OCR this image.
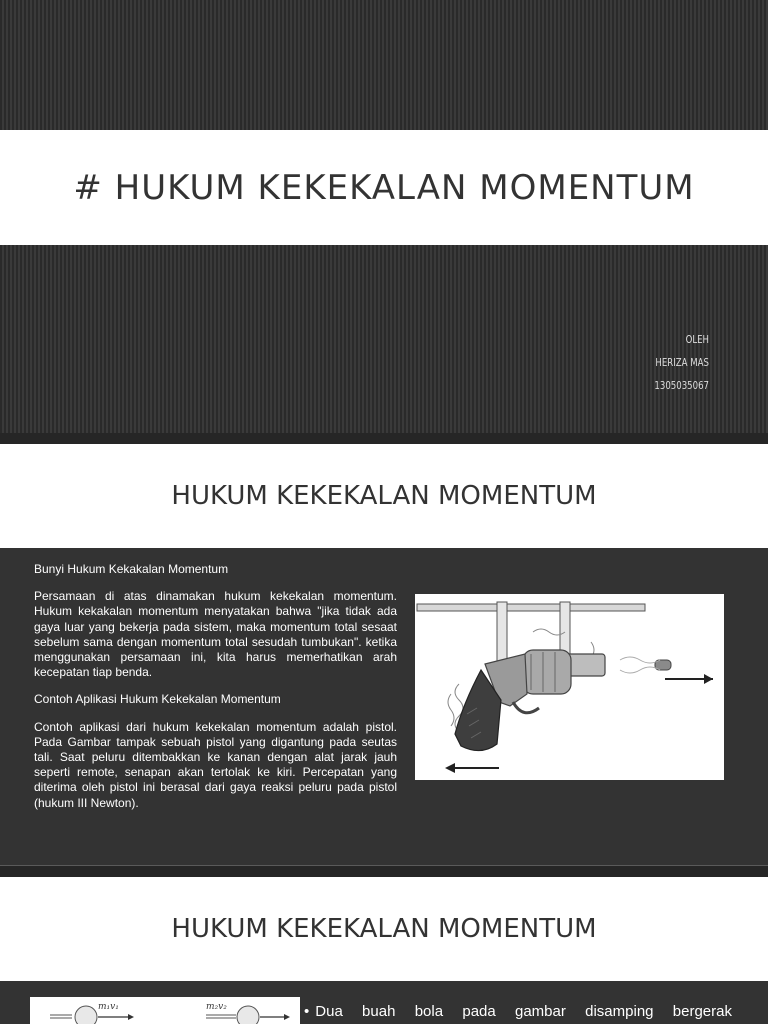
# HUKUM KEKEKALAN MOMENTUM
OLEH
HERIZA MAS
1305035067
HUKUM KEKEKALAN MOMENTUM

Bunyi Hukum Kekakalan Momentum

Persamaan di atas dinamakan hukum kekekalan momentum. Hukum kekakalan momentum menyatakan bahwa "jika tidak ada gaya luar yang bekerja pada sistem, maka momentum total sesaat sebelum sama dengan momentum total sesudah tumbukan". ketika menggunakan persamaan ini, kita harus memerhatikan arah kecepatan tiap benda.

Contoh Aplikasi Hukum Kekekalan Momentum

Contoh aplikasi dari hukum kekekalan momentum adalah pistol. Pada Gambar tampak sebuah pistol yang digantung pada seutas tali. Saat peluru ditembakkan ke kanan dengan alat jarak jauh seperti remote, senapan akan tertolak ke kiri. Percepatan yang diterima oleh pistol ini berasal dari gaya reaksi peluru pada pistol (hukum III Newton).

HUKUM KEKEKALAN MOMENTUM
m₁v₁	m₂v₂	• Dua buah bola pada gambar disamping bergerak
